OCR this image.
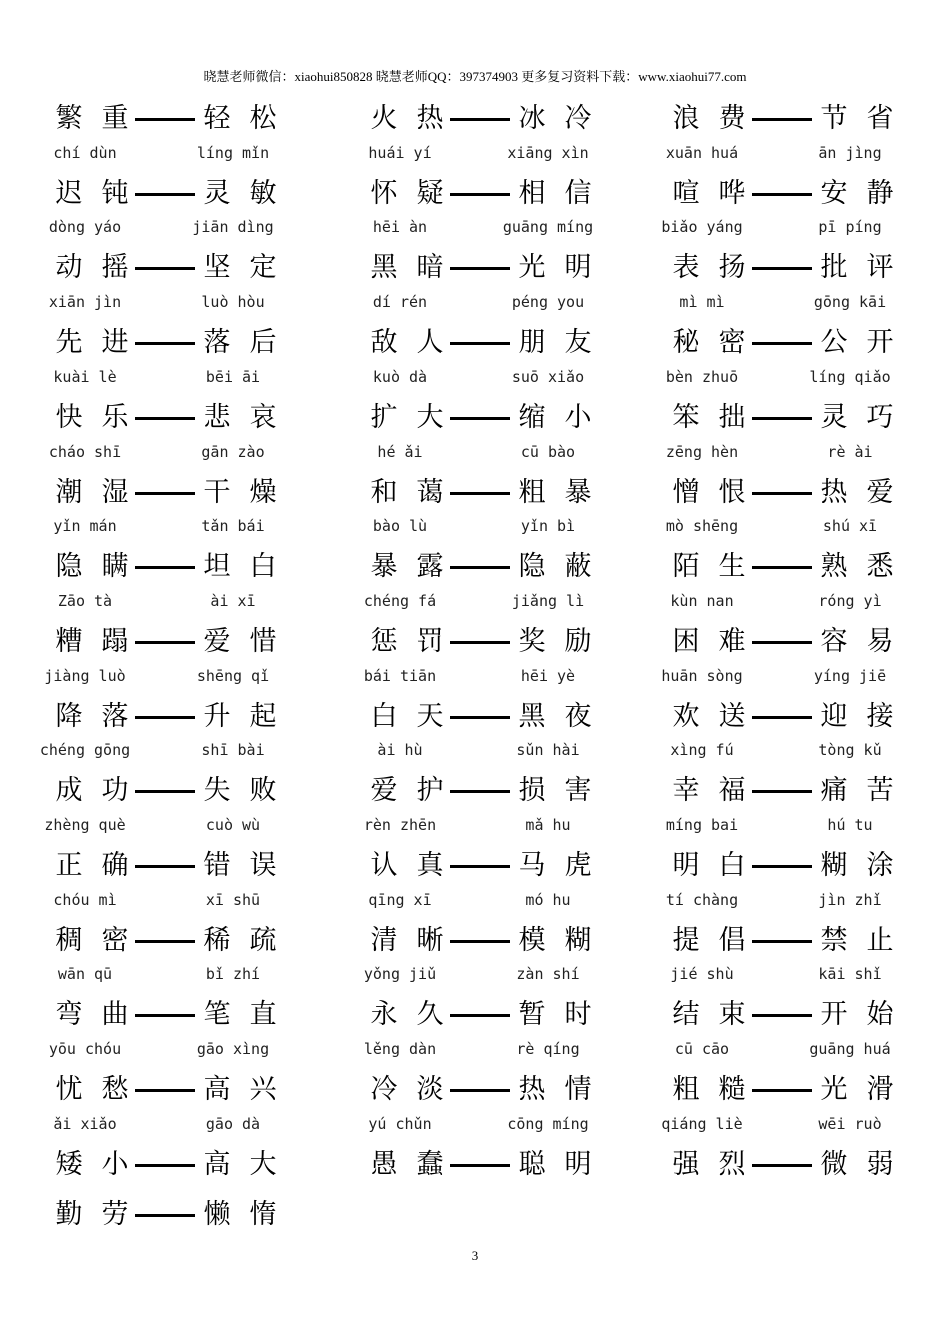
晓慧老师微信：xiaohui850828 晓慧老师QQ：397374903 更多复习资料下载：www.xiaohui77.com
繁 重	轻 松	火 热	冰 冷	浪 费	节 省
chí dùn	líng mǐn	huái yí	xiāng xìn	xuān huá	ān jìng
迟 钝	灵 敏	怀 疑	相 信	喧 哗	安 静
dòng yáo	jiān dìng	hēi àn	guāng míng	biǎo yáng	pī píng
动 摇	坚 定	黑 暗	光 明	表 扬	批 评
xiān jìn	luò hòu	dí rén	péng you	mì mì	gōng kāi
先 进	落 后	敌 人	朋 友	秘 密	公 开
kuài lè	bēi āi	kuò dà	suō xiǎo	bèn zhuō	líng qiǎo
快 乐	悲 哀	扩 大	缩 小	笨 拙	灵 巧
cháo shī	gān zào	hé ǎi	cū bào	zēng hèn	rè ài
潮 湿	干 燥	和 蔼	粗 暴	憎 恨	热 爱
yǐn mán	tǎn bái	bào lù	yǐn bì	mò shēng	shú xī
隐 瞒	坦 白	暴 露	隐 蔽	陌 生	熟 悉
Zāo tà	ài xī	chéng fá	jiǎng lì	kùn nan	róng yì
糟 蹋	爱 惜	惩 罚	奖 励	困 难	容 易
jiàng luò	shēng qǐ	bái tiān	hēi yè	huān sòng	yíng jiē
降 落	升 起	白 天	黑 夜	欢 送	迎 接
chéng gōng	shī bài	ài hù	sǔn hài	xìng fú	tòng kǔ
成 功	失 败	爱 护	损 害	幸 福	痛 苦
zhèng què	cuò wù	rèn zhēn	mǎ hu	míng bai	hú tu
正 确	错 误	认 真	马 虎	明 白	糊 涂
chóu mì	xī shū	qīng xī	mó hu	tí chàng	jìn zhǐ
稠 密	稀 疏	清 晰	模 糊	提 倡	禁 止
wān qū	bǐ zhí	yǒng jiǔ	zàn shí	jié shù	kāi shǐ
弯 曲	笔 直	永 久	暂 时	结 束	开 始
yōu chóu	gāo xìng	lěng dàn	rè qíng	cū cāo	guāng huá
忧 愁	高 兴	冷 淡	热 情	粗 糙	光 滑
ǎi xiǎo	gāo dà	yú chǔn	cōng míng	qiáng liè	wēi ruò
矮 小	高 大	愚 蠢	聪 明	强 烈	微 弱
勤 劳	懒 惰
3
